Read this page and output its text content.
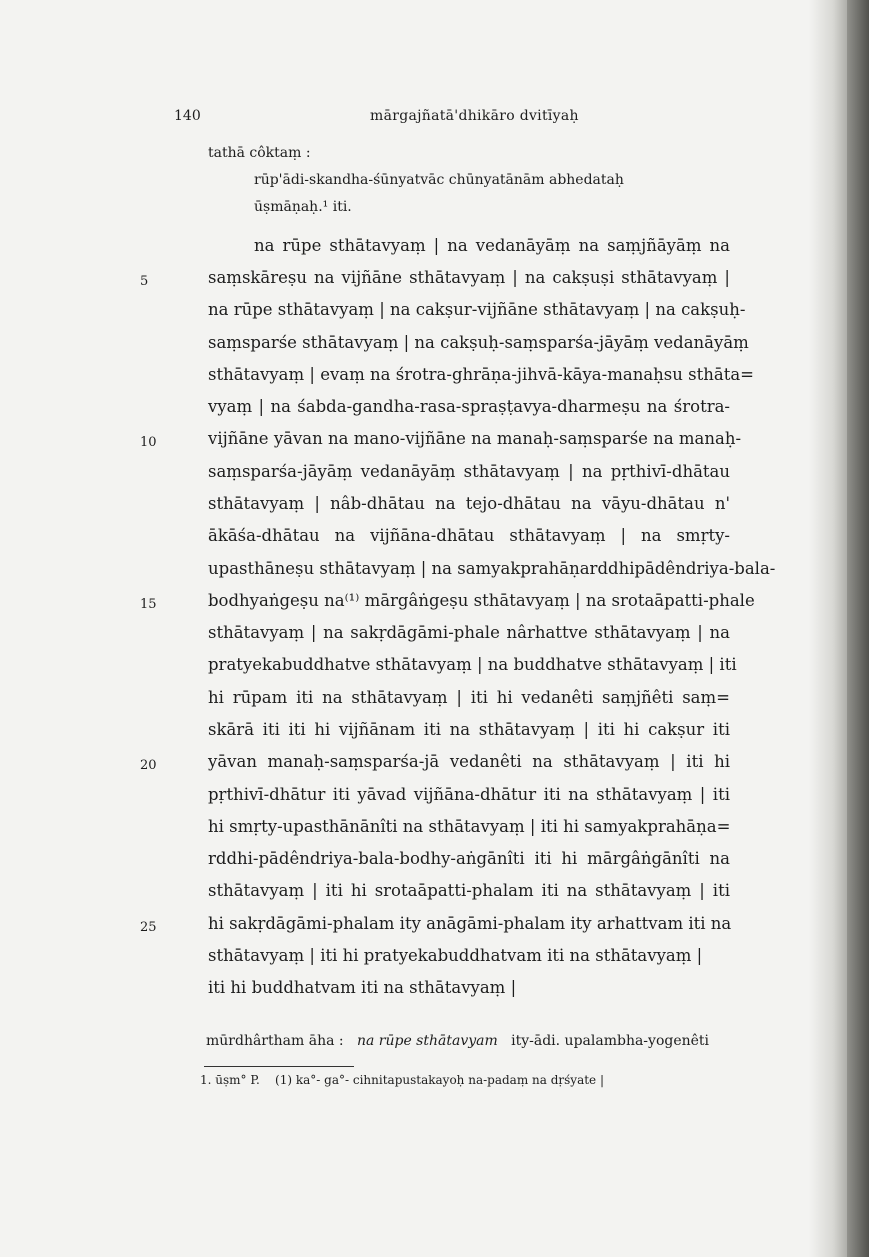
140	mārgajñatā'dhikāro dvitīyaḥ
tathā côktaṃ :
rūp'ādi-skandha-śūnyatvāc chūnyatānām abhedataḥ
ūṣmāṇaḥ.¹ iti.
na rūpe sthātavyaṃ | na vedanāyāṃ na saṃjñāyāṃ na
saṃskāreṣu na vijñāne sthātavyaṃ | na cakṣuṣi sthātavyaṃ |
na rūpe sthātavyaṃ | na cakṣur-vijñāne sthātavyaṃ | na cakṣuḥ-
saṃsparśe sthātavyaṃ | na cakṣuḥ-saṃsparśa-jāyāṃ vedanāyāṃ
sthātavyaṃ | evaṃ na śrotra-ghrāṇa-jihvā-kāya-manaḥsu sthāta=
vyaṃ | na śabda-gandha-rasa-spraṣṭavya-dharmeṣu na śrotra-
vijñāne yāvan na mano-vijñāne na manaḥ-saṃsparśe na manaḥ-
saṃsparśa-jāyāṃ vedanāyāṃ sthātavyaṃ | na pṛthivī-dhātau
sthātavyaṃ | nâb-dhātau na tejo-dhātau na vāyu-dhātau n'
ākāśa-dhātau na vijñāna-dhātau sthātavyaṃ | na smṛty-
upasthāneṣu sthātavyaṃ | na samyakprahāṇarddhipādêndriya-bala-
bodhyaṅgeṣu na⁽¹⁾ mārgâṅgeṣu sthātavyaṃ | na srotaāpatti-phale
sthātavyaṃ | na sakṛdāgāmi-phale nârhattve sthātavyaṃ | na
pratyekabuddhatve sthātavyaṃ | na buddhatve sthātavyaṃ | iti
hi rūpam iti na sthātavyaṃ | iti hi vedanêti saṃjñêti saṃ=
skārā iti iti hi vijñānam iti na sthātavyaṃ | iti hi cakṣur iti
yāvan manaḥ-saṃsparśa-jā vedanêti na sthātavyaṃ | iti hi
pṛthivī-dhātur iti yāvad vijñāna-dhātur iti na sthātavyaṃ | iti
hi smṛty-upasthānānîti na sthātavyaṃ | iti hi samyakprahāṇa=
rddhi-pādêndriya-bala-bodhy-aṅgānîti iti hi mārgâṅgānîti na
sthātavyaṃ | iti hi srotaāpatti-phalam iti na sthātavyaṃ | iti
hi sakṛdāgāmi-phalam ity anāgāmi-phalam ity arhattvam iti na
sthātavyaṃ | iti hi pratyekabuddhatvam iti na sthātavyaṃ |
iti hi buddhatvam iti na sthātavyaṃ |
5
10
15
20
25
mūrdhârtham āha : na rūpe sthātavyam ity-ādi. upalambha-yogenêti
1. ūṣm° P.    (1) ka°- ga°- cihnitapustakayoḥ na-padaṃ na dṛśyate |
